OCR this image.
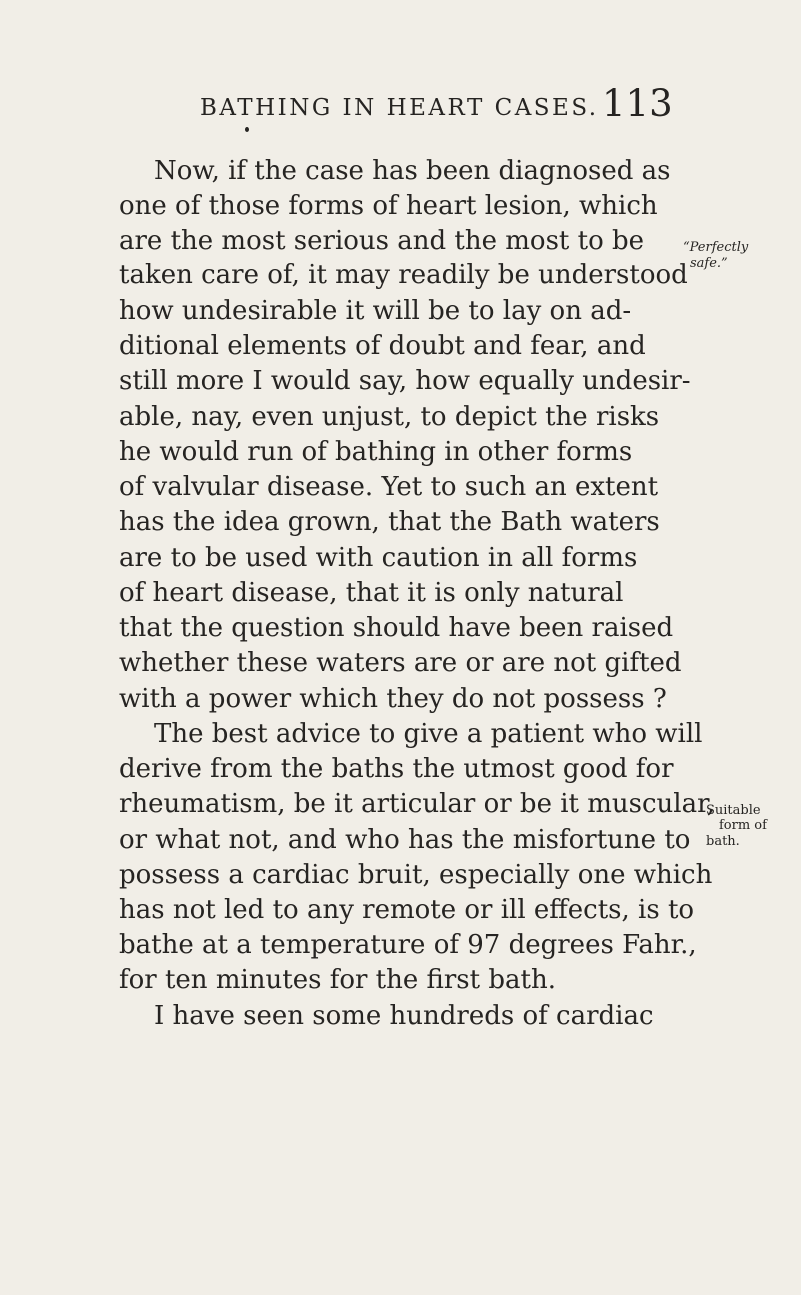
BATHING IN HEART CASES. 113
Now, if the case has been diagnosed as
one of those forms of heart lesion, which
are the most serious and the most to be
taken care of, it may readily be understood
how undesirable it will be to lay on ad-
ditional elements of doubt and fear, and
still more I would say, how equally undesir-
able, nay, even unjust, to depict the risks
he would run of bathing in other forms
of valvular disease. Yet to such an extent
has the idea grown, that the Bath waters
are to be used with caution in all forms
of heart disease, that it is only natural
that the question should have been raised
whether these waters are or are not gifted
with a power which they do not possess ?
The best advice to give a patient who will
derive from the baths the utmost good for
rheumatism, be it articular or be it muscular,
or what not, and who has the misfortune to
possess a cardiac bruit, especially one which
has not led to any remote or ill effects, is to
bathe at a temperature of 97 degrees Fahr.,
for ten minutes for the first bath.
I have seen some hundreds of cardiac
“Perfectly
safe.”
Suitable
form of
bath.
